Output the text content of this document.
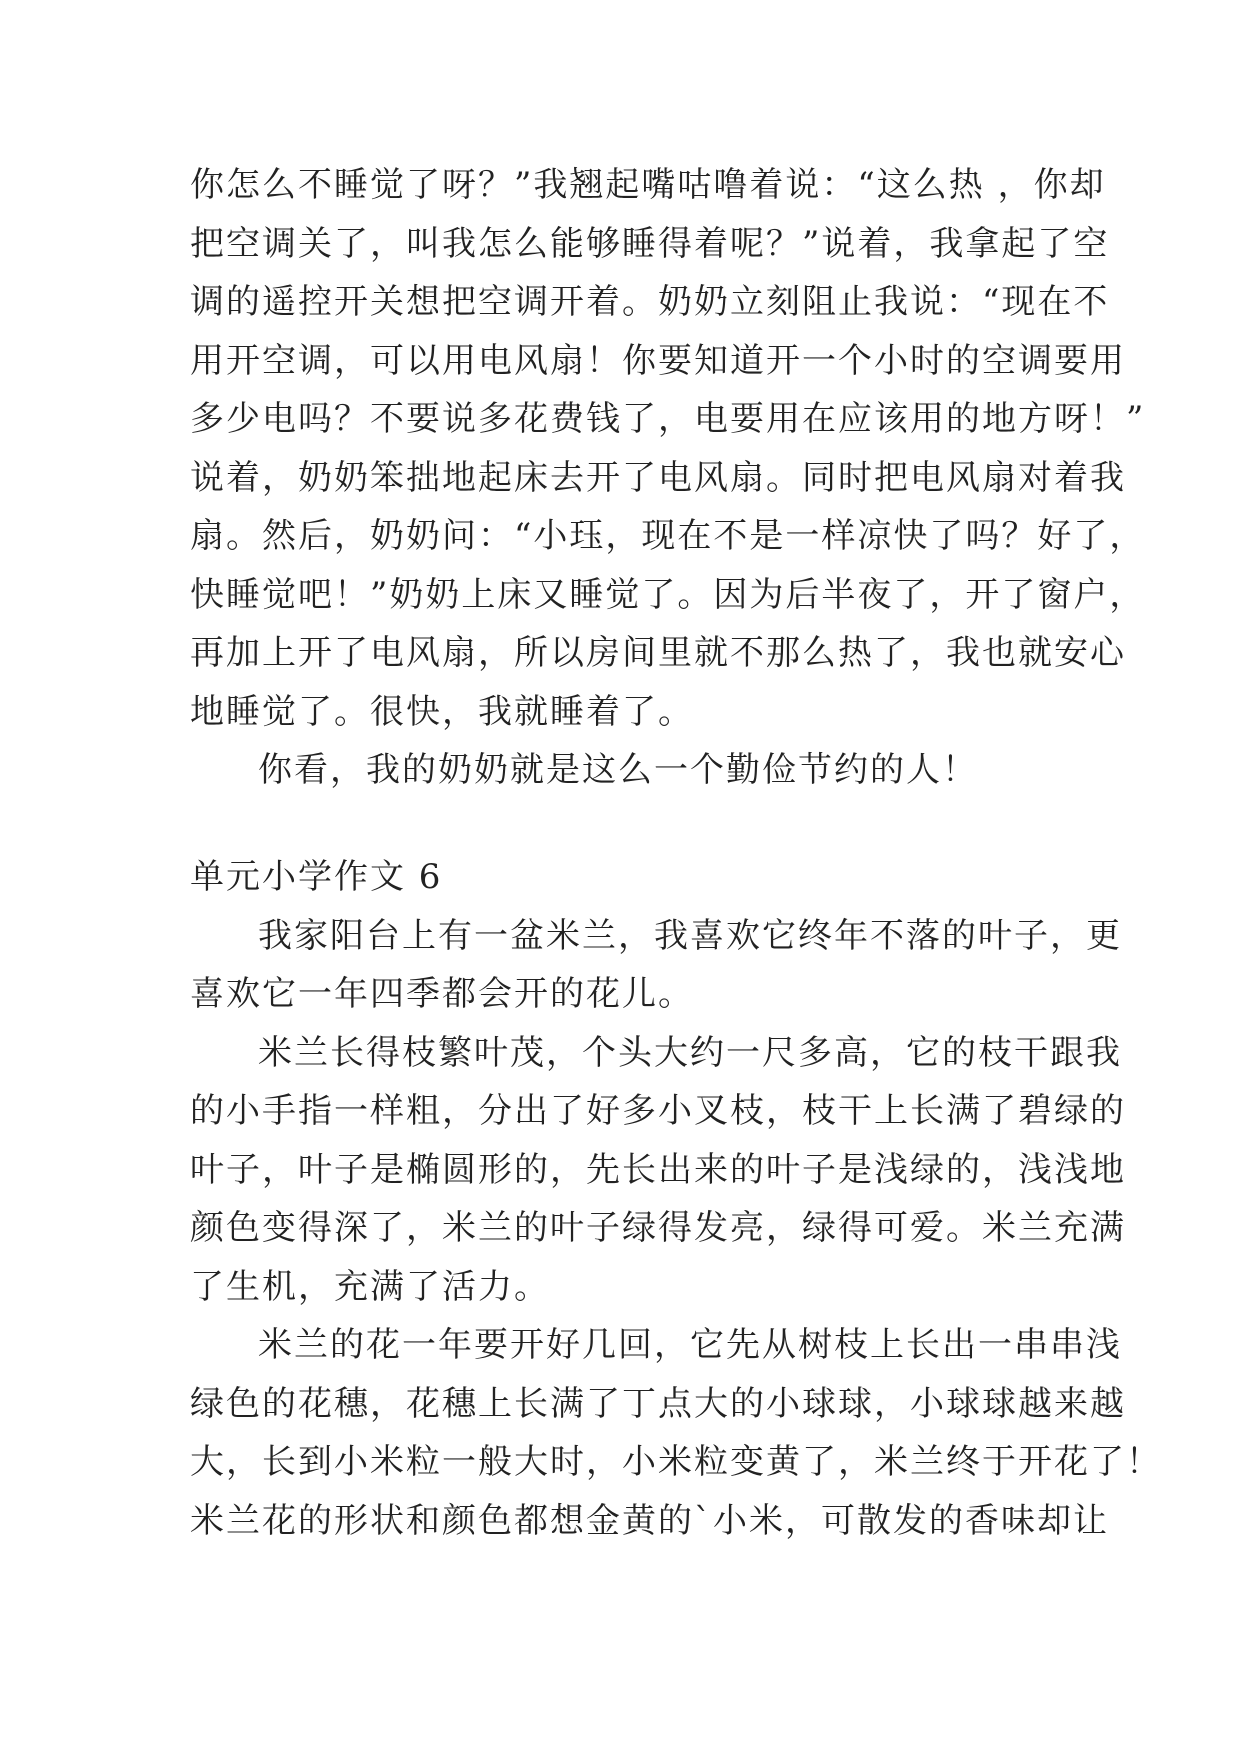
你怎么不睡觉了呀？”我翘起嘴咕噜着说：“这么热 ，你却
把空调关了，叫我怎么能够睡得着呢？”说着，我拿起了空
调的遥控开关想把空调开着。奶奶立刻阻止我说：“现在不
用开空调，可以用电风扇！你要知道开一个小时的空调要用
多少电吗？不要说多花费钱了，电要用在应该用的地方呀！”
说着，奶奶笨拙地起床去开了电风扇。同时把电风扇对着我
扇。然后，奶奶问：“小珏，现在不是一样凉快了吗？好了，
快睡觉吧！”奶奶上床又睡觉了。因为后半夜了，开了窗户，
再加上开了电风扇，所以房间里就不那么热了，我也就安心
地睡觉了。很快，我就睡着了。
你看，我的奶奶就是这么一个勤俭节约的人！
单元小学作文 6
我家阳台上有一盆米兰，我喜欢它终年不落的叶子，更
喜欢它一年四季都会开的花儿。
米兰长得枝繁叶茂，个头大约一尺多高，它的枝干跟我
的小手指一样粗，分出了好多小叉枝，枝干上长满了碧绿的
叶子，叶子是椭圆形的，先长出来的叶子是浅绿的，浅浅地
颜色变得深了，米兰的叶子绿得发亮，绿得可爱。米兰充满
了生机，充满了活力。
米兰的花一年要开好几回，它先从树枝上长出一串串浅
绿色的花穗，花穗上长满了丁点大的小球球，小球球越来越
大，长到小米粒一般大时，小米粒变黄了，米兰终于开花了！
米兰花的形状和颜色都想金黄的`小米，可散发的香味却让
